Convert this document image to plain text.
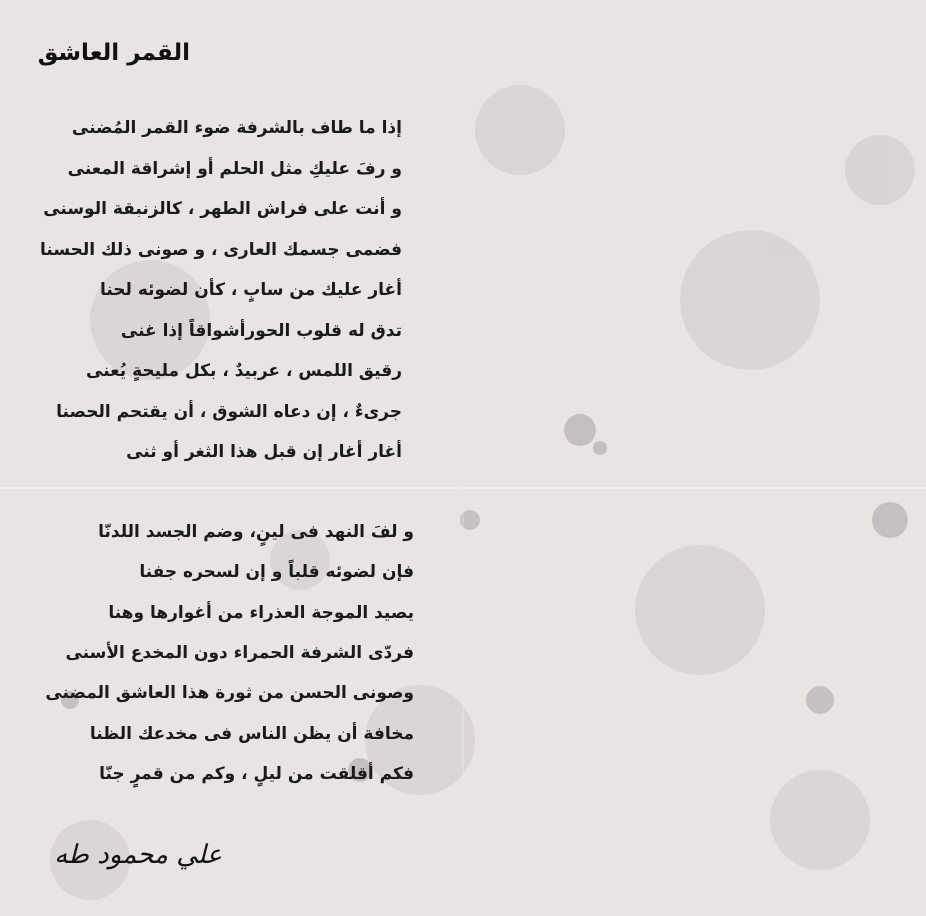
القمر العاشق
إذا ما طاف بالشرفة ضوء القمر المُضنى
و رفَ عليكِ مثل الحلم أو إشراقة المعنى
و أنت على فراش الطهر ، كالزنبقة الوسنى
فضمى جسمك العارى ، و صونى ذلك الحسنا
أغار عليك من سابٍ ، كأن لضوئه لحنا
تدق له قلوب الحورأشواقاً إذا غنى
رقيق اللمس ، عربيدٌ ، بكل مليحةٍ يُعنى
جرىءٌ ، إن دعاه الشوق ، أن يقتحم الحصنا
أغار أغار إن قبل هذا الثغر أو ثنى
و لفَ النهد فى لينٍ، وضم الجسد اللدنّا
فإن لضوئه قلباً و إن لسحره جفنا
يصيد الموجة العذراء من أغوارها وهنا
فردّى الشرفة الحمراء دون المخدع الأسنى
وصونى الحسن من ثورة هذا العاشق المضنى
مخافة أن يظن الناس فى مخدعك الظنا
فكم أقلقت من ليلٍ ، وكم من قمرٍ جنّا
علي محمود طه
